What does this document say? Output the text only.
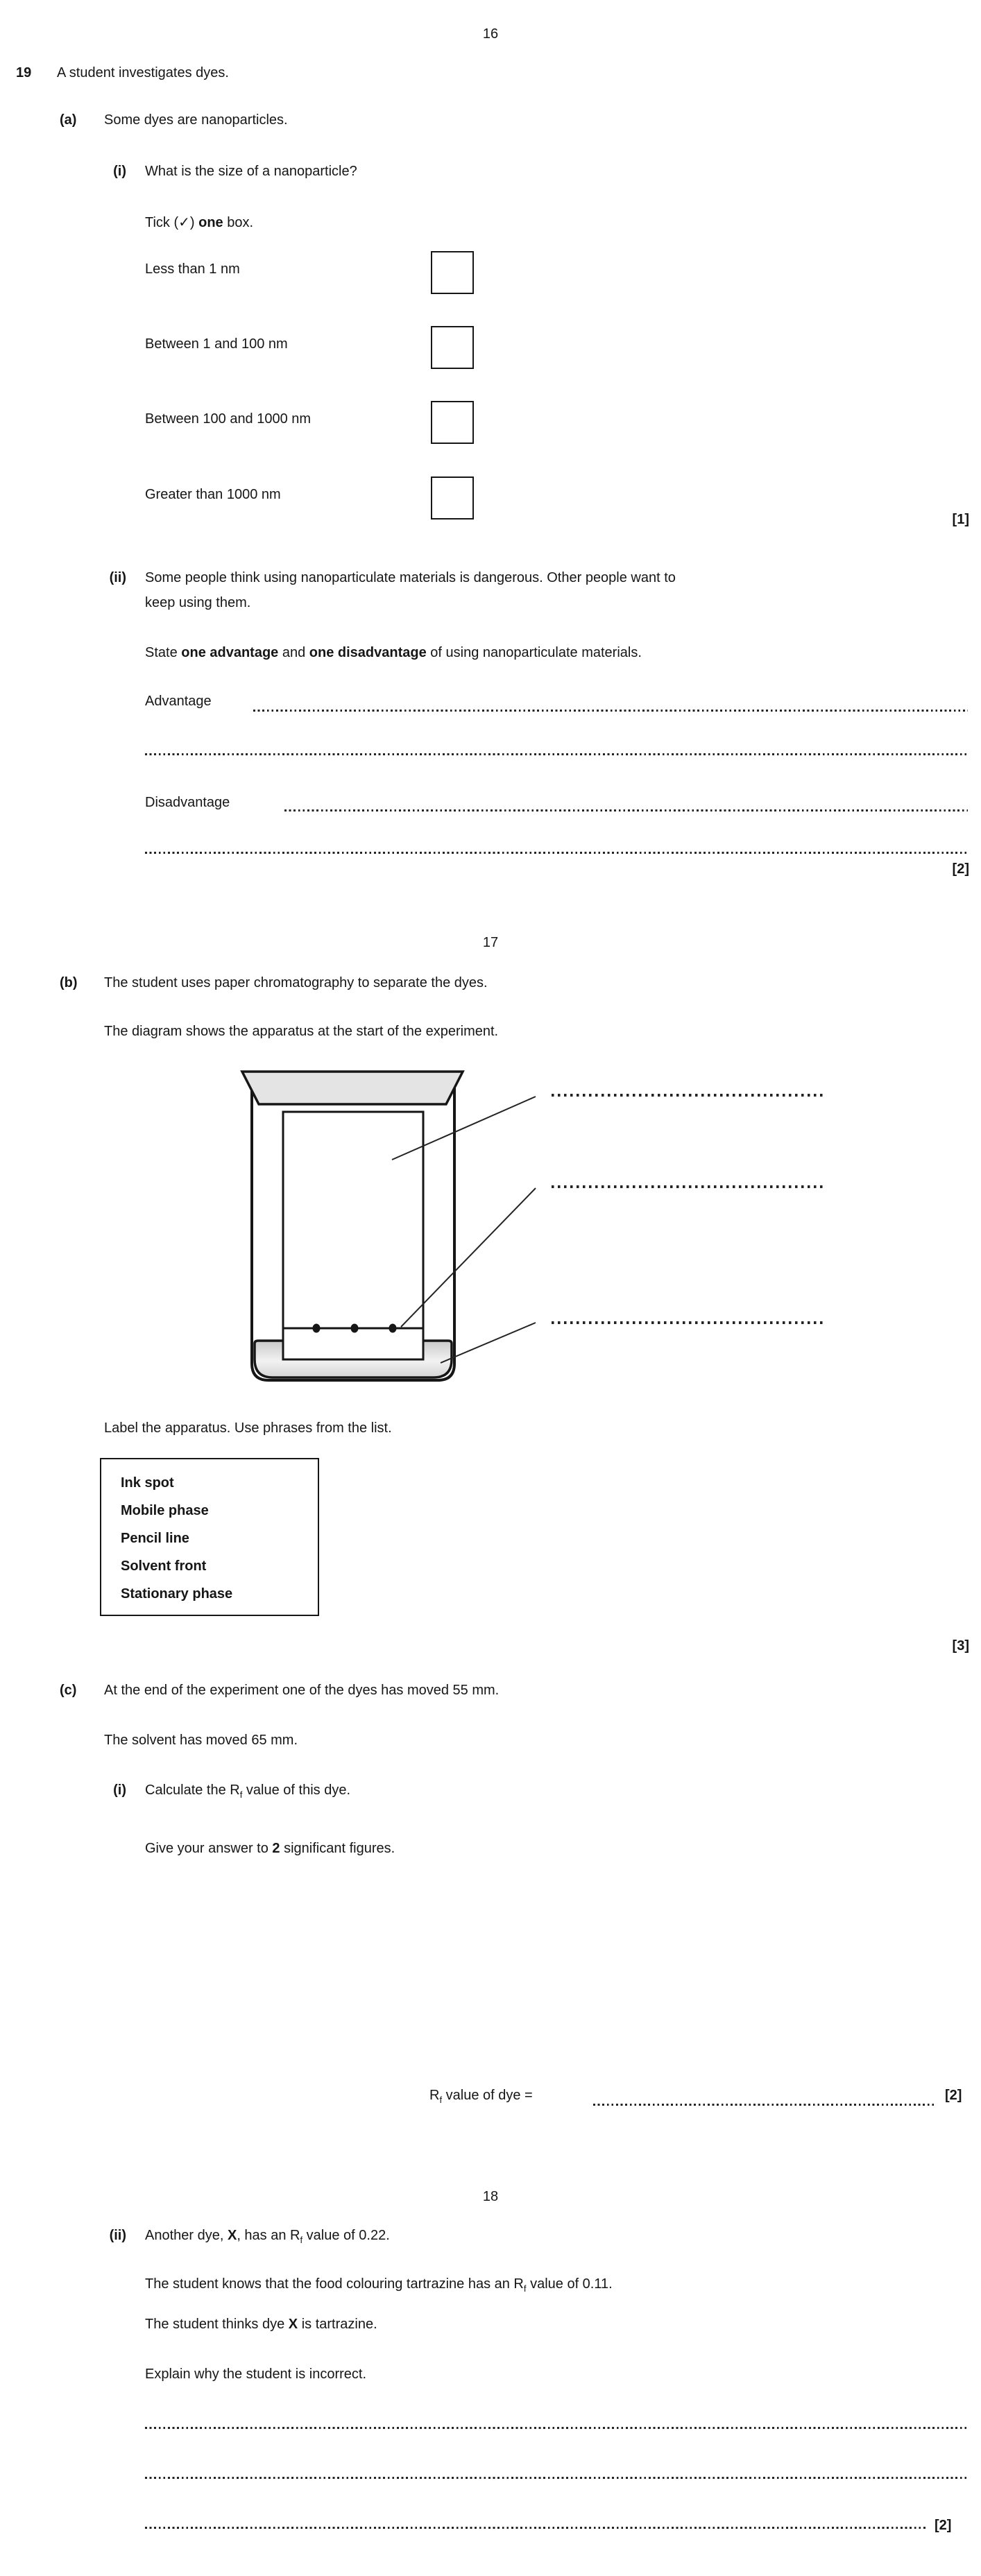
16
19 A student investigates dyes.
(a) Some dyes are nanoparticles.
(i) What is the size of a nanoparticle?
Tick (✓) one box.
Less than 1 nm
Between 1 and 100 nm
Between 100 and 1000 nm
Greater than 1000 nm
[1]
(ii) Some people think using nanoparticulate materials is dangerous. Other people want to
keep using them.
State one advantage and one disadvantage of using nanoparticulate materials.
Advantage
Disadvantage
[2]
17
(b) The student uses paper chromatography to separate the dyes.
The diagram shows the apparatus at the start of the experiment.
Label the apparatus. Use phrases from the list.
Ink spot
Mobile phase
Pencil line
Solvent front
Stationary phase
[3]
(c) At the end of the experiment one of the dyes has moved 55 mm.
The solvent has moved 65 mm.
(i) Calculate the $R_f$ value of this dye.
Give your answer to 2 significant figures.
$R_f$ value of dye =	[2]
18
(ii) Another dye, X, has an $R_f$ value of 0.22.
The student knows that the food colouring tartrazine has an $R_f$ value of 0.11.
The student thinks dye X is tartrazine.
Explain why the student is incorrect.
[2]
